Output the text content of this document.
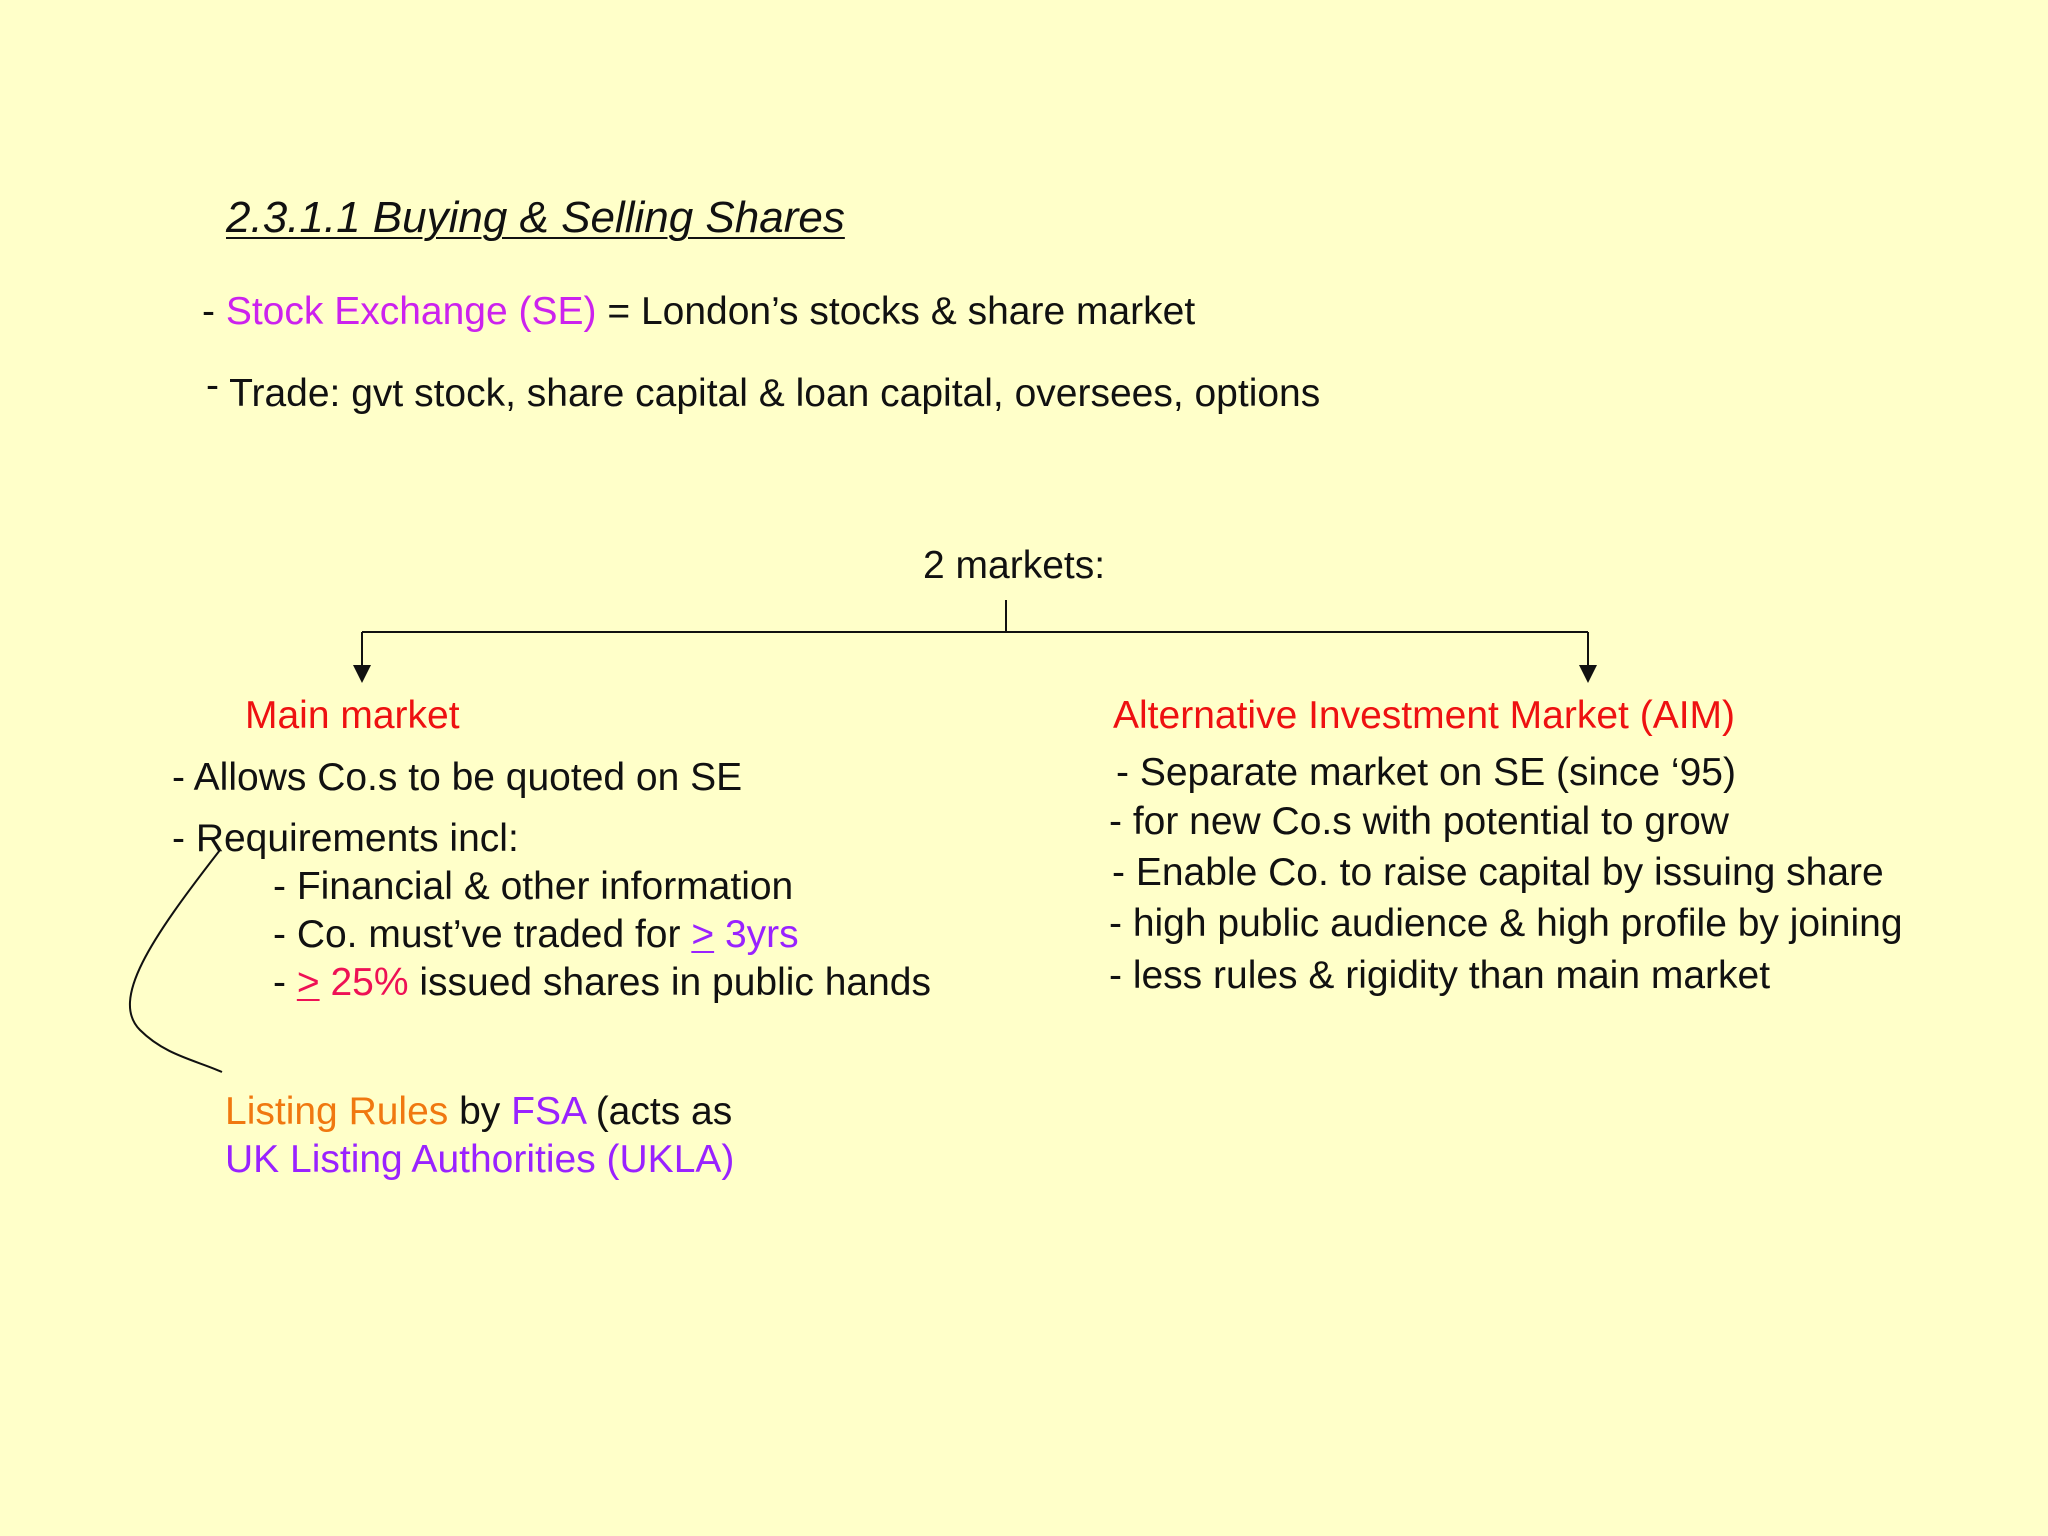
2.3.1.1 Buying & Selling Shares
- Stock Exchange (SE) = London’s stocks & share market
- Trade: gvt stock, share capital & loan capital, oversees, options
2 markets:
Main market
- Allows Co.s to be quoted on SE
- Requirements incl:
- Financial & other information
- Co. must’ve traded for ≥ 3yrs
- ≥ 25% issued shares in public hands
Listing Rules by FSA (acts as
UK Listing Authorities (UKLA)
Alternative Investment Market (AIM)
- Separate market on SE (since ‘95)
- for new Co.s with potential to grow
- Enable Co. to raise capital by issuing share
- high public audience & high profile by joining
- less rules & rigidity than main market
